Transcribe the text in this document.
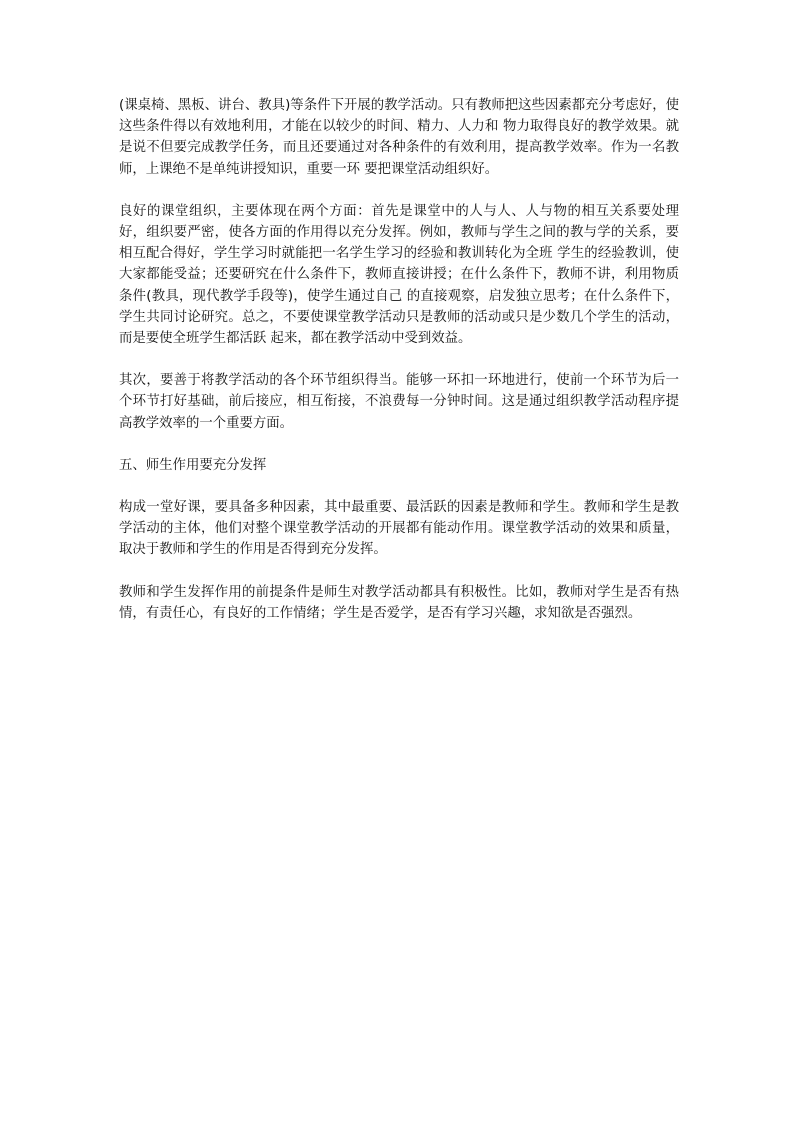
(课桌椅、黑板、讲台、教具)等条件下开展的教学活动。只有教师把这些因素都充分考虑好，使这些条件得以有效地利用，才能在以较少的时间、精力、人力和 物力取得良好的教学效果。就是说不但要完成教学任务，而且还要通过对各种条件的有效利用，提高教学效率。作为一名教师，上课绝不是单纯讲授知识，重要一环 要把课堂活动组织好。

良好的课堂组织，主要体现在两个方面：首先是课堂中的人与人、人与物的相互关系要处理 好，组织要严密，使各方面的作用得以充分发挥。例如，教师与学生之间的教与学的关系，要相互配合得好，学生学习时就能把一名学生学习的经验和教训转化为全班 学生的经验教训，使大家都能受益；还要研究在什么条件下，教师直接讲授；在什么条件下，教师不讲，利用物质条件(教具，现代教学手段等)，使学生通过自己 的直接观察，启发独立思考；在什么条件下，学生共同讨论研究。总之，不要使课堂教学活动只是教师的活动或只是少数几个学生的活动，而是要使全班学生都活跃 起来，都在教学活动中受到效益。

其次，要善于将教学活动的各个环节组织得当。能够一环扣一环地进行，使前一个环节为后一个环节打好基础，前后接应，相互衔接，不浪费每一分钟时间。这是通过组织教学活动程序提高教学效率的一个重要方面。

五、师生作用要充分发挥

构成一堂好课，要具备多种因素，其中最重要、最活跃的因素是教师和学生。教师和学生是教学活动的主体，他们对整个课堂教学活动的开展都有能动作用。课堂教学活动的效果和质量，取决于教师和学生的作用是否得到充分发挥。

教师和学生发挥作用的前提条件是师生对教学活动都具有积极性。比如，教师对学生是否有热情，有责任心，有良好的工作情绪；学生是否爱学，是否有学习兴趣，求知欲是否强烈。
